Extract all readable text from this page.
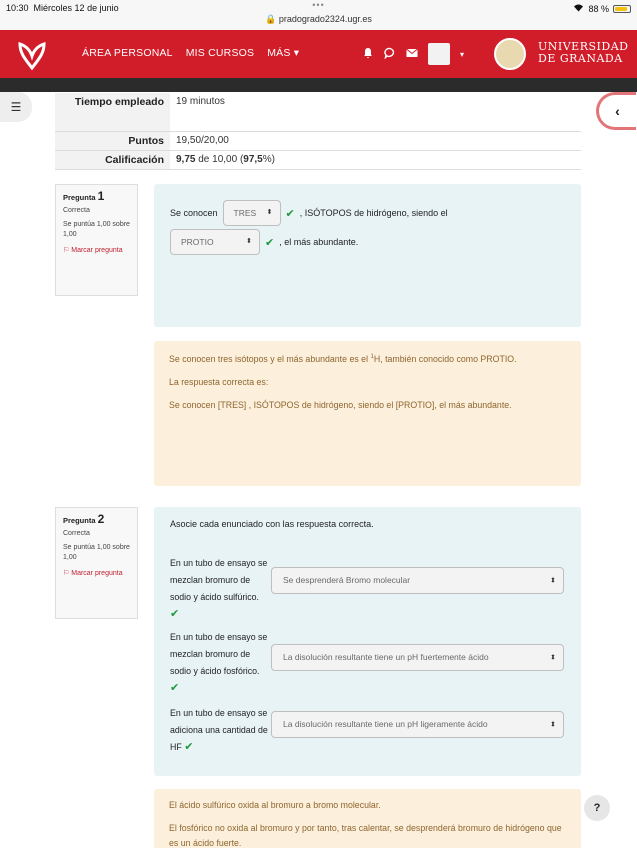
10:30 Miércoles 12 de junio	•••
🔒 pradogrado2324.ugr.es
88 %
ÁREA PERSONAL MIS CURSOS MÁS ▾	▾
UNIVERSIDAD
DE GRANADA
☰	‹
Tiempo empleado	19 minutos
Puntos	19,50/20,00
Calificación	9,75 de 10,00 (97,5%)
Pregunta 1
Correcta
Se puntúa 1,00 sobre 1,00
⚐ Marcar pregunta
Se conocen	TRES ⬍ ✔ , ISÓTOPOS de hidrógeno, siendo el
PROTIO	⬍ ✔ , el más abundante.

Se conocen tres isótopos y el más abundante es el $^1$H, también conocido como PROTIO.

La respuesta correcta es:

Se conocen [TRES] , ISÓTOPOS de hidrógeno, siendo el [PROTIO], el más abundante.

Pregunta 2
Correcta
Se puntúa 1,00 sobre 1,00
⚐ Marcar pregunta
Asocie cada enunciado con las respuesta correcta.
En un tubo de ensayo se mezclan bromuro de sodio y ácido sulfúrico. ✔
Se desprenderá Bromo molecular	⬍
En un tubo de ensayo se mezclan bromuro de sodio y ácido fosfórico. ✔
La disolución resultante tiene un pH fuertemente ácido	⬍
En un tubo de ensayo se adiciona una cantidad de HF ✔
La disolución resultante tiene un pH ligeramente ácido	⬍

El ácido sulfúrico oxida al bromuro a bromo molecular.

El fosfórico no oxida al bromuro y por tanto, tras calentar, se desprenderá bromuro de hidrógeno que es un ácido fuerte.

?
